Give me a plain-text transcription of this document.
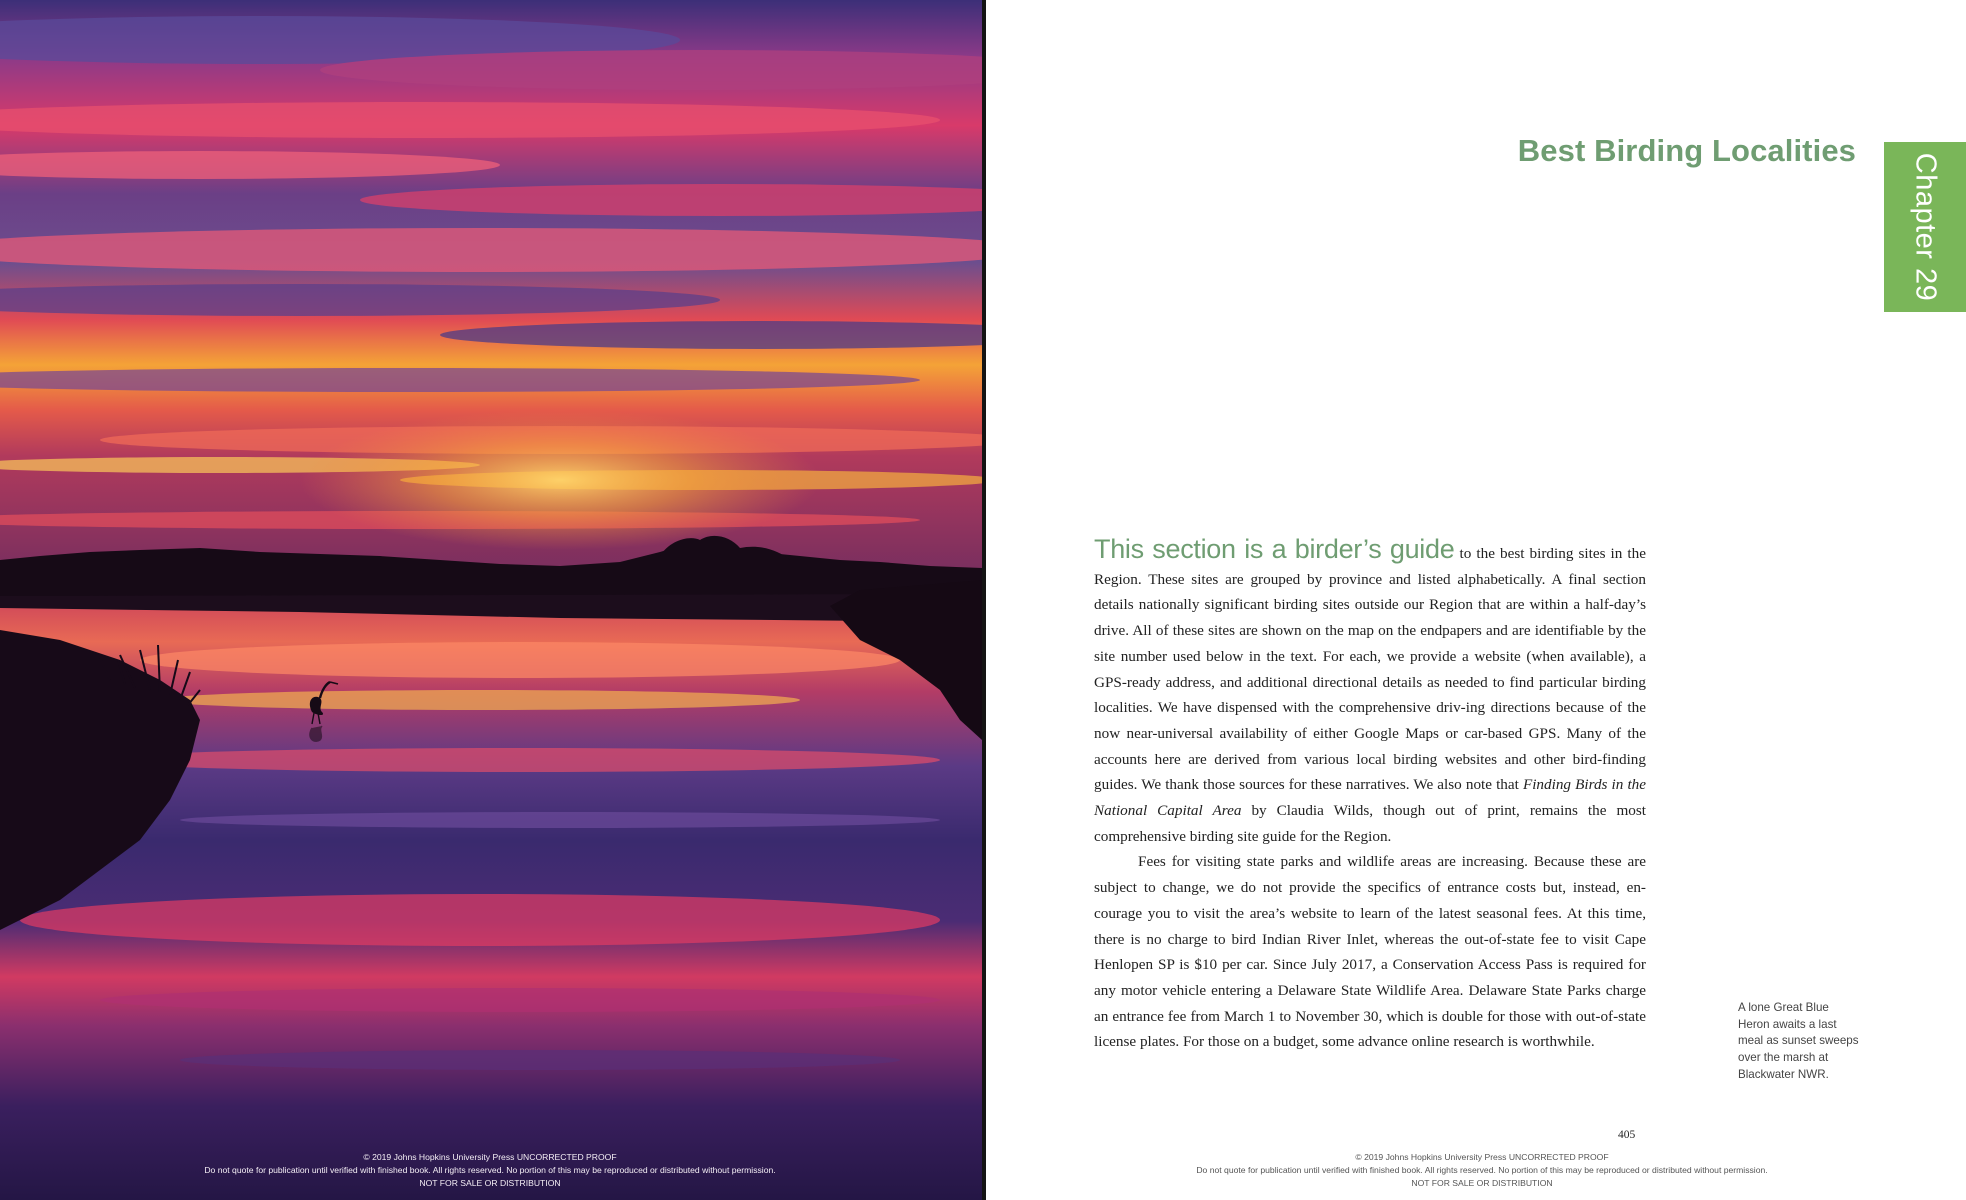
© 2019 Johns Hopkins University Press UNCORRECTED PROOF
Do not quote for publication until verified with finished book. All rights reserved. No portion of this may be reproduced or distributed without permission.
NOT FOR SALE OR DISTRIBUTION
Best Birding Localities
Chapter 29

This section is a birder’s guide to the best birding sites in the Region. These sites are grouped by province and listed alphabetically. A final section details nationally significant birding sites outside our Region that are within a half-day’s drive. All of these sites are shown on the map on the endpapers and are identifiable by the site number used below in the text. For each, we provide a website (when available), a GPS-ready address, and additional directional details as needed to find particular birding localities. We have dispensed with the comprehensive driv-ing directions because of the now near-universal availability of either Google Maps or car-based GPS. Many of the accounts here are derived from various local birding websites and other bird-finding guides. We thank those sources for these narratives. We also note that Finding Birds in the National Capital Area by Claudia Wilds, though out of print, remains the most comprehensive birding site guide for the Region.

Fees for visiting state parks and wildlife areas are increasing. Because these are subject to change, we do not provide the specifics of entrance costs but, instead, en-courage you to visit the area’s website to learn of the latest seasonal fees. At this time, there is no charge to bird Indian River Inlet, whereas the out-of-state fee to visit Cape Henlopen SP is $10 per car. Since July 2017, a Conservation Access Pass is required for any motor vehicle entering a Delaware State Wildlife Area. Delaware State Parks charge an entrance fee from March 1 to November 30, which is double for those with out-of-state license plates. For those on a budget, some advance online research is worthwhile.

A lone Great Blue Heron awaits a last meal as sunset sweeps over the marsh at Blackwater NWR.
405
© 2019 Johns Hopkins University Press UNCORRECTED PROOF
Do not quote for publication until verified with finished book. All rights reserved. No portion of this may be reproduced or distributed without permission.
NOT FOR SALE OR DISTRIBUTION
